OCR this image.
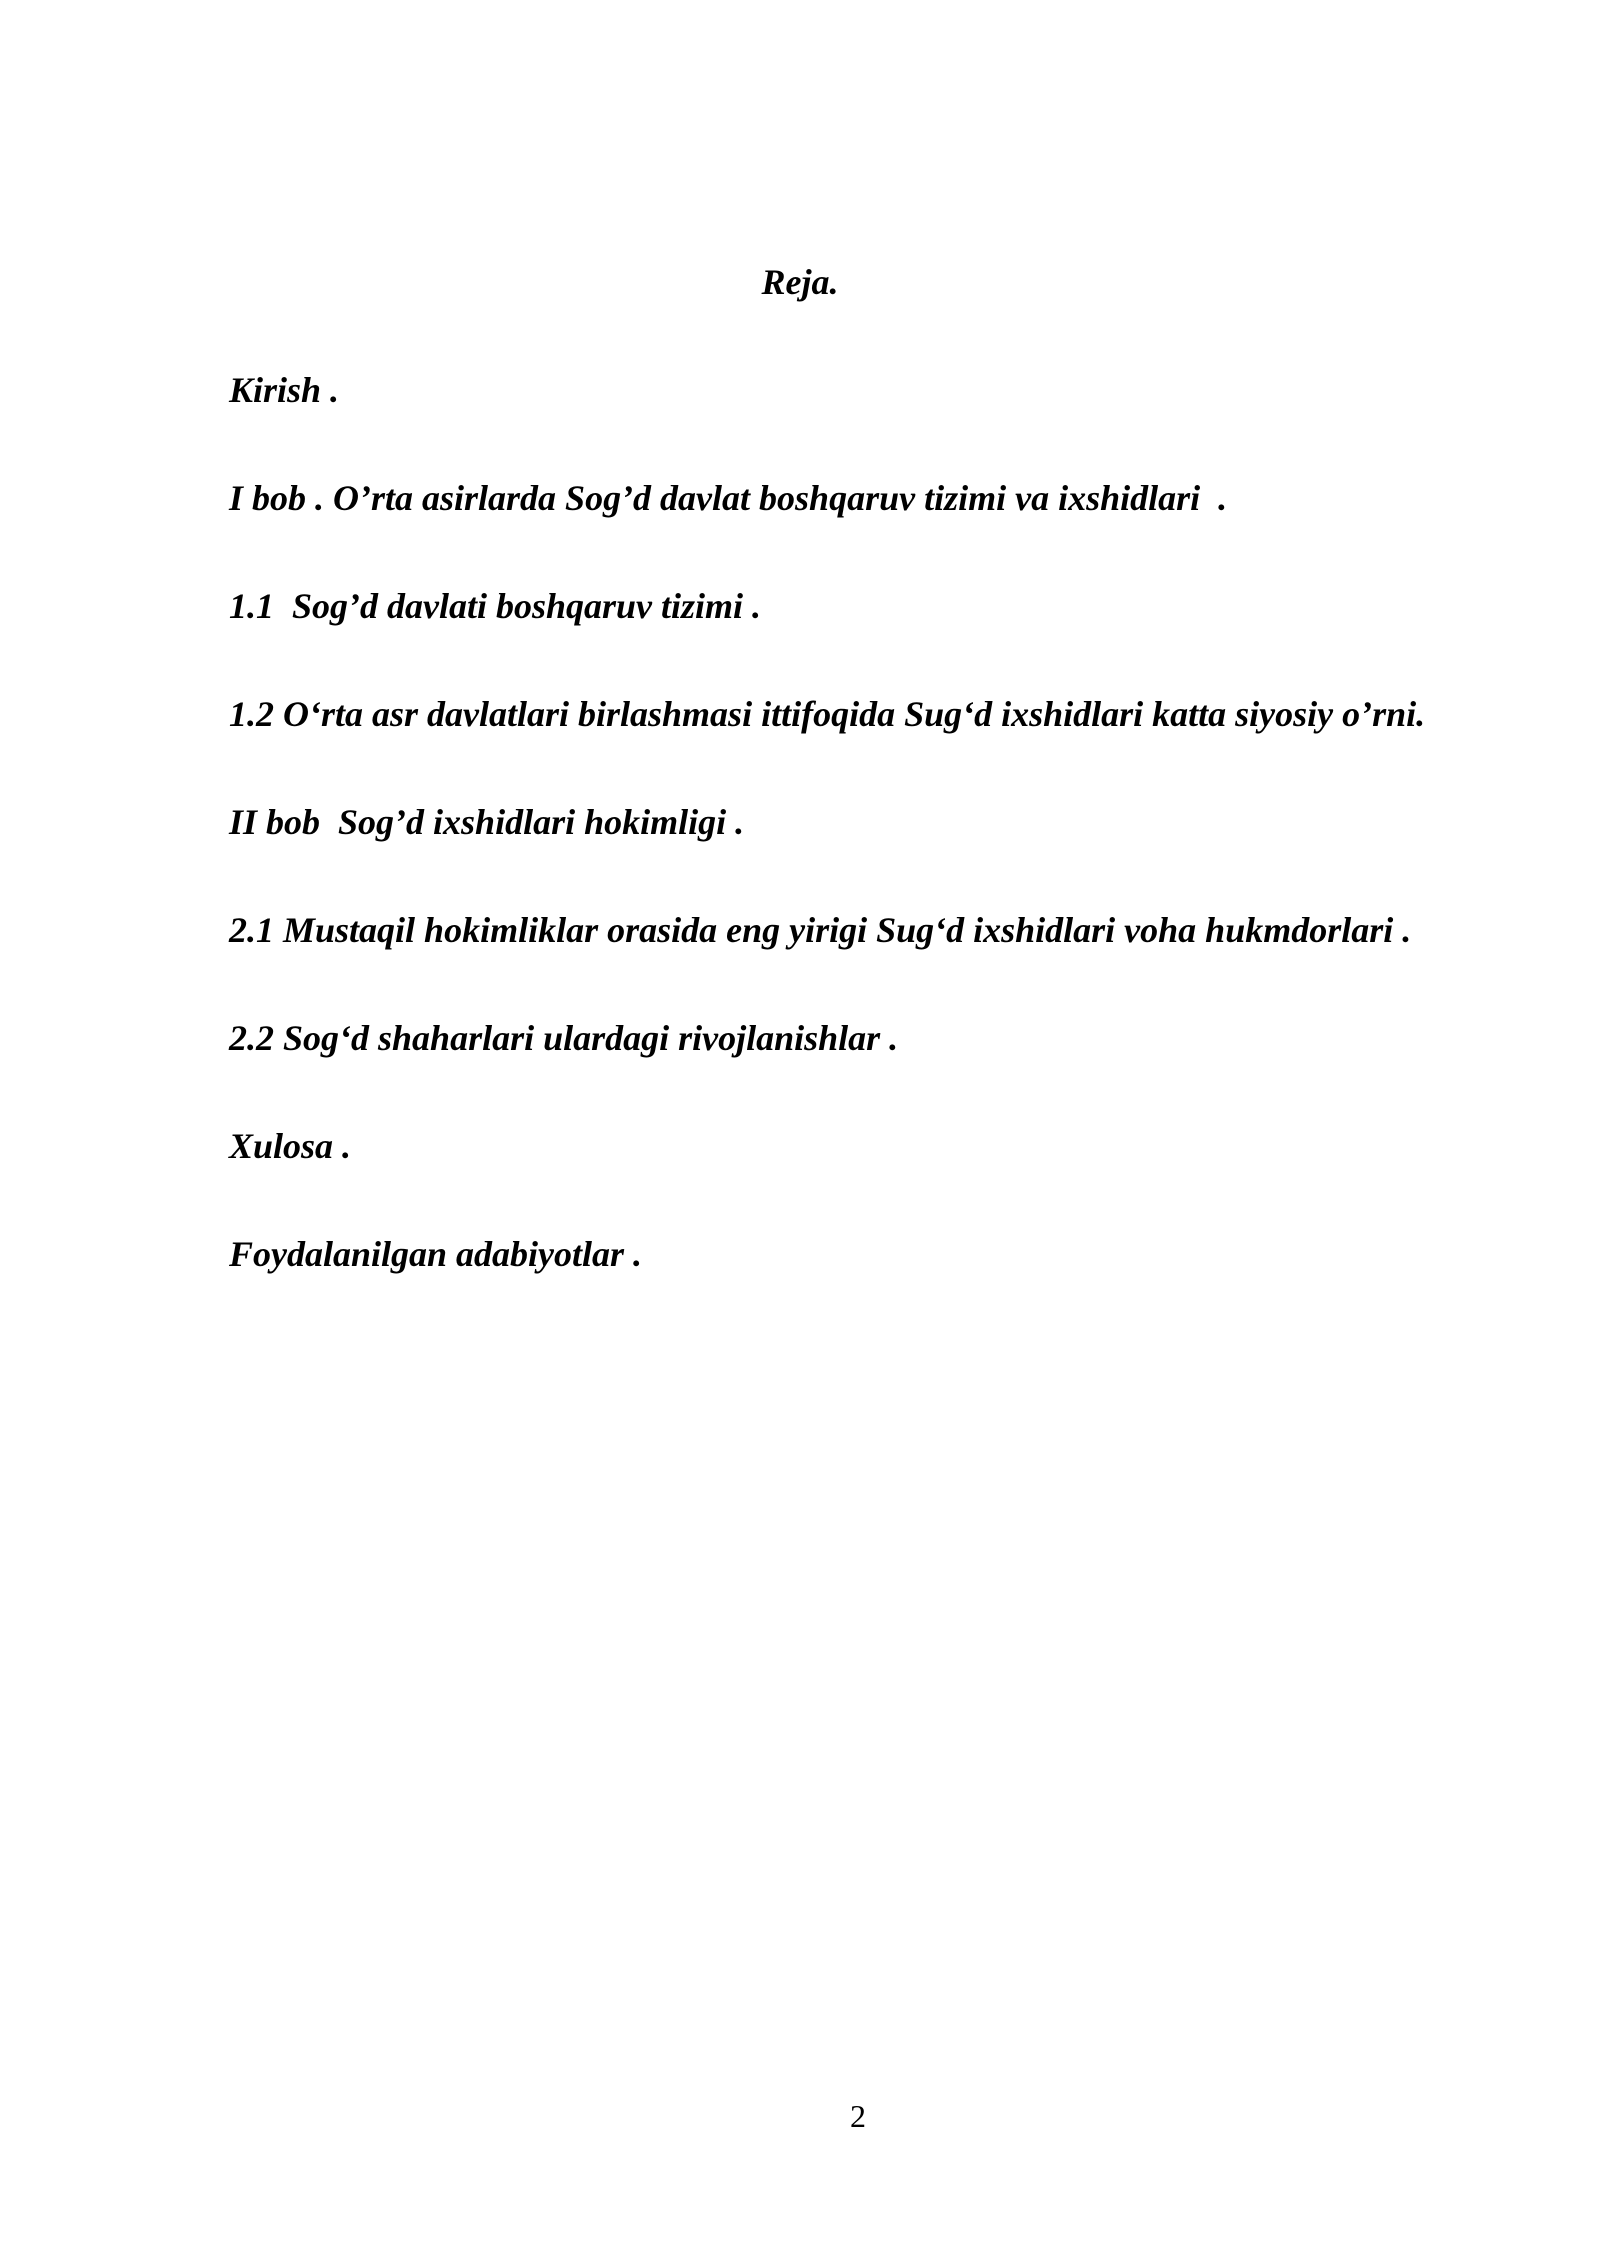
Reja.
Kirish .
I bob . O’rta asirlarda Sog’d davlat boshqaruv tizimi va ixshidlari  .
1.1  Sog’d davlati boshqaruv tizimi .
1.2 O‘rta asr davlatlari birlashmasi ittifoqida Sug‘d ixshidlari katta siyosiy o’rni.
II bob  Sog’d ixshidlari hokimligi .
2.1 Mustaqil hokimliklar orasida eng yirigi Sug‘d ixshidlari voha hukmdorlari .
2.2 Sog‘d shaharlari ulardagi rivojlanishlar .
Xulosa .
Foydalanilgan adabiyotlar .
2
